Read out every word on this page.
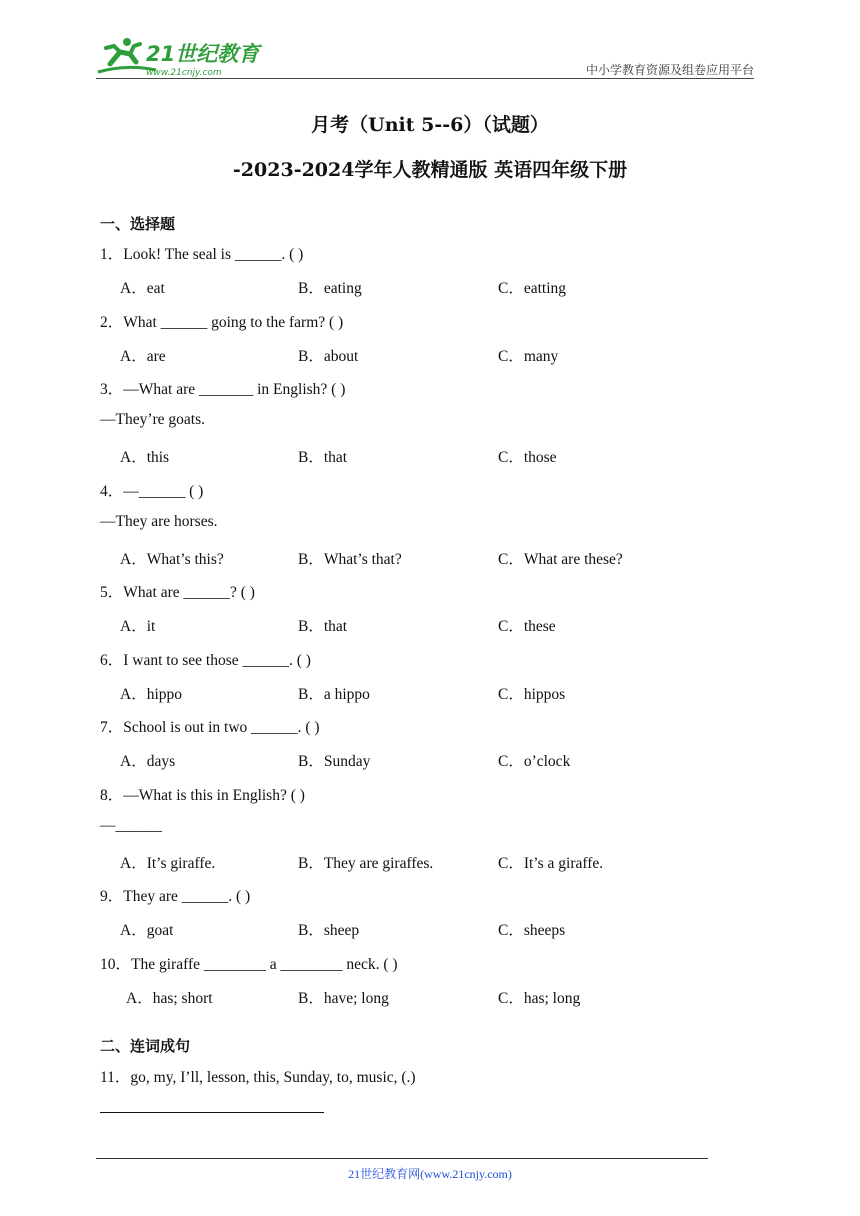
21世纪教育
www.21cnjy.com	中小学教育资源及组卷应用平台
月考（Unit 5--6）（试题）
-2023-2024学年人教精通版 英语四年级下册
一、选择题
1．Look! The seal is ______. ( )
A．eat	B．eating	C．eatting
2．What ______ going to the farm? ( )
A．are	B．about	C．many
3．—What are _______ in English? ( )
—They’re goats.
A．this	B．that	C．those
4．—______ ( )
—They are horses.
A．What’s this?	B．What’s that?	C．What are these?
5．What are ______? ( )
A．it	B．that	C．these
6．I want to see those ______. ( )
A．hippo	B．a hippo	C．hippos
7．School is out in two ______. ( )
A．days	B．Sunday	C．o’clock
8．—What is this in English? ( )
—______
A．It’s giraffe.	B．They are giraffes.	C．It’s a giraffe.
9．They are ______. ( )
A．goat	B．sheep	C．sheeps
10．The giraffe ________ a ________ neck. ( )
A．has; short	B．have; long	C．has; long
二、连词成句
11．go, my, I’ll, lesson, this, Sunday, to, music, (.)
21世纪教育网(www.21cnjy.com)
